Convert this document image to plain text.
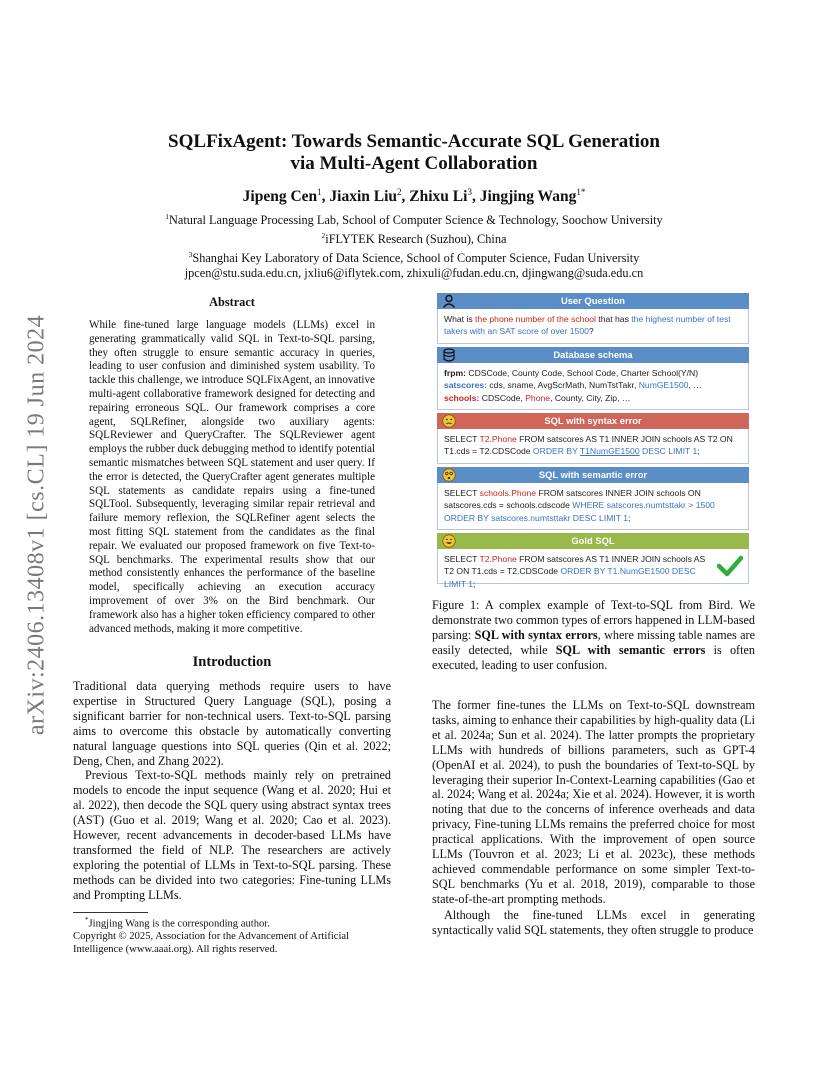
arXiv:2406.13408v1 [cs.CL] 19 Jun 2024
SQLFixAgent: Towards Semantic-Accurate SQL Generation
via Multi-Agent Collaboration
Jipeng Cen$^1$, Jiaxin Liu$^2$, Zhixu Li$^3$, Jingjing Wang$^{1*}$
$^1$Natural Language Processing Lab, School of Computer Science & Technology, Soochow University
$^2$iFLYTEK Research (Suzhou), China
$^3$Shanghai Key Laboratory of Data Science, School of Computer Science, Fudan University
jpcen@stu.suda.edu.cn, jxliu6@iflytek.com, zhixuli@fudan.edu.cn, djingwang@suda.edu.cn
Abstract
While fine-tuned large language models (LLMs) excel in generating grammatically valid SQL in Text-to-SQL parsing, they often struggle to ensure semantic accuracy in queries, leading to user confusion and diminished system usability. To tackle this challenge, we introduce SQLFixAgent, an innovative multi-agent collaborative framework designed for detecting and repairing erroneous SQL. Our framework comprises a core agent, SQLRefiner, alongside two auxiliary agents: SQLReviewer and QueryCrafter. The SQLReviewer agent employs the rubber duck debugging method to identify potential semantic mismatches between SQL statement and user query. If the error is detected, the QueryCrafter agent generates multiple SQL statements as candidate repairs using a fine-tuned SQLTool. Subsequently, leveraging similar repair retrieval and failure memory reflexion, the SQLRefiner agent selects the most fitting SQL statement from the candidates as the final repair. We evaluated our proposed framework on five Text-to-SQL benchmarks. The experimental results show that our method consistently enhances the performance of the baseline model, specifically achieving an execution accuracy improvement of over 3% on the Bird benchmark. Our framework also has a higher token efficiency compared to other advanced methods, making it more competitive.
Introduction

Traditional data querying methods require users to have expertise in Structured Query Language (SQL), posing a significant barrier for non-technical users. Text-to-SQL parsing aims to overcome this obstacle by automatically converting natural language questions into SQL queries (Qin et al. 2022; Deng, Chen, and Zhang 2022).

Previous Text-to-SQL methods mainly rely on pretrained models to encode the input sequence (Wang et al. 2020; Hui et al. 2022), then decode the SQL query using abstract syntax trees (AST) (Guo et al. 2019; Wang et al. 2020; Cao et al. 2023). However, recent advancements in decoder-based LLMs have transformed the field of NLP. The researchers are actively exploring the potential of LLMs in Text-to-SQL parsing. These methods can be divided into two categories: Fine-tuning LLMs and Prompting LLMs.

*Jingjing Wang is the corresponding author.

Copyright © 2025, Association for the Advancement of Artificial Intelligence (www.aaai.org). All rights reserved.

User Question
What is the phone number of the school that has the highest number of test takers with an SAT score of over 1500?
Database schema
frpm: CDSCode, County Code, School Code, Charter School(Y/N)
satscores: cds, sname, AvgScrMath, NumTstTakr, NumGE1500, …
schools: CDSCode, Phone, County, City, Zip, …
SQL with syntax error
SELECT T2.Phone FROM satscores AS T1 INNER JOIN schools AS T2 ON T1.cds = T2.CDSCode ORDER BY T1NumGE1500 DESC LIMIT 1;
SQL with semantic error
SELECT schools.Phone FROM satscores INNER JOIN schools ON satscores.cds = schools.cdscode WHERE satscores.numtsttakr > 1500 ORDER BY satscores.numtsttakr DESC LIMIT 1;
Gold SQL
SELECT T2.Phone FROM satscores AS T1 INNER JOIN schools AS T2 ON T1.cds = T2.CDSCode ORDER BY T1.NumGE1500 DESC LIMIT 1;
Figure 1: A complex example of Text-to-SQL from Bird. We demonstrate two common types of errors happened in LLM-based parsing: SQL with syntax errors, where missing table names are easily detected, while SQL with semantic errors is often executed, leading to user confusion.

The former fine-tunes the LLMs on Text-to-SQL downstream tasks, aiming to enhance their capabilities by high-quality data (Li et al. 2024a; Sun et al. 2024). The latter prompts the proprietary LLMs with hundreds of billions parameters, such as GPT-4 (OpenAI et al. 2024), to push the boundaries of Text-to-SQL by leveraging their superior In-Context-Learning capabilities (Gao et al. 2024; Wang et al. 2024a; Xie et al. 2024). However, it is worth noting that due to the concerns of inference overheads and data privacy, Fine-tuning LLMs remains the preferred choice for most practical applications. With the improvement of open source LLMs (Touvron et al. 2023; Li et al. 2023c), these methods achieved commendable performance on some simpler Text-to-SQL benchmarks (Yu et al. 2018, 2019), comparable to those state-of-the-art prompting methods.

Although the fine-tuned LLMs excel in generating syntactically valid SQL statements, they often struggle to produce
